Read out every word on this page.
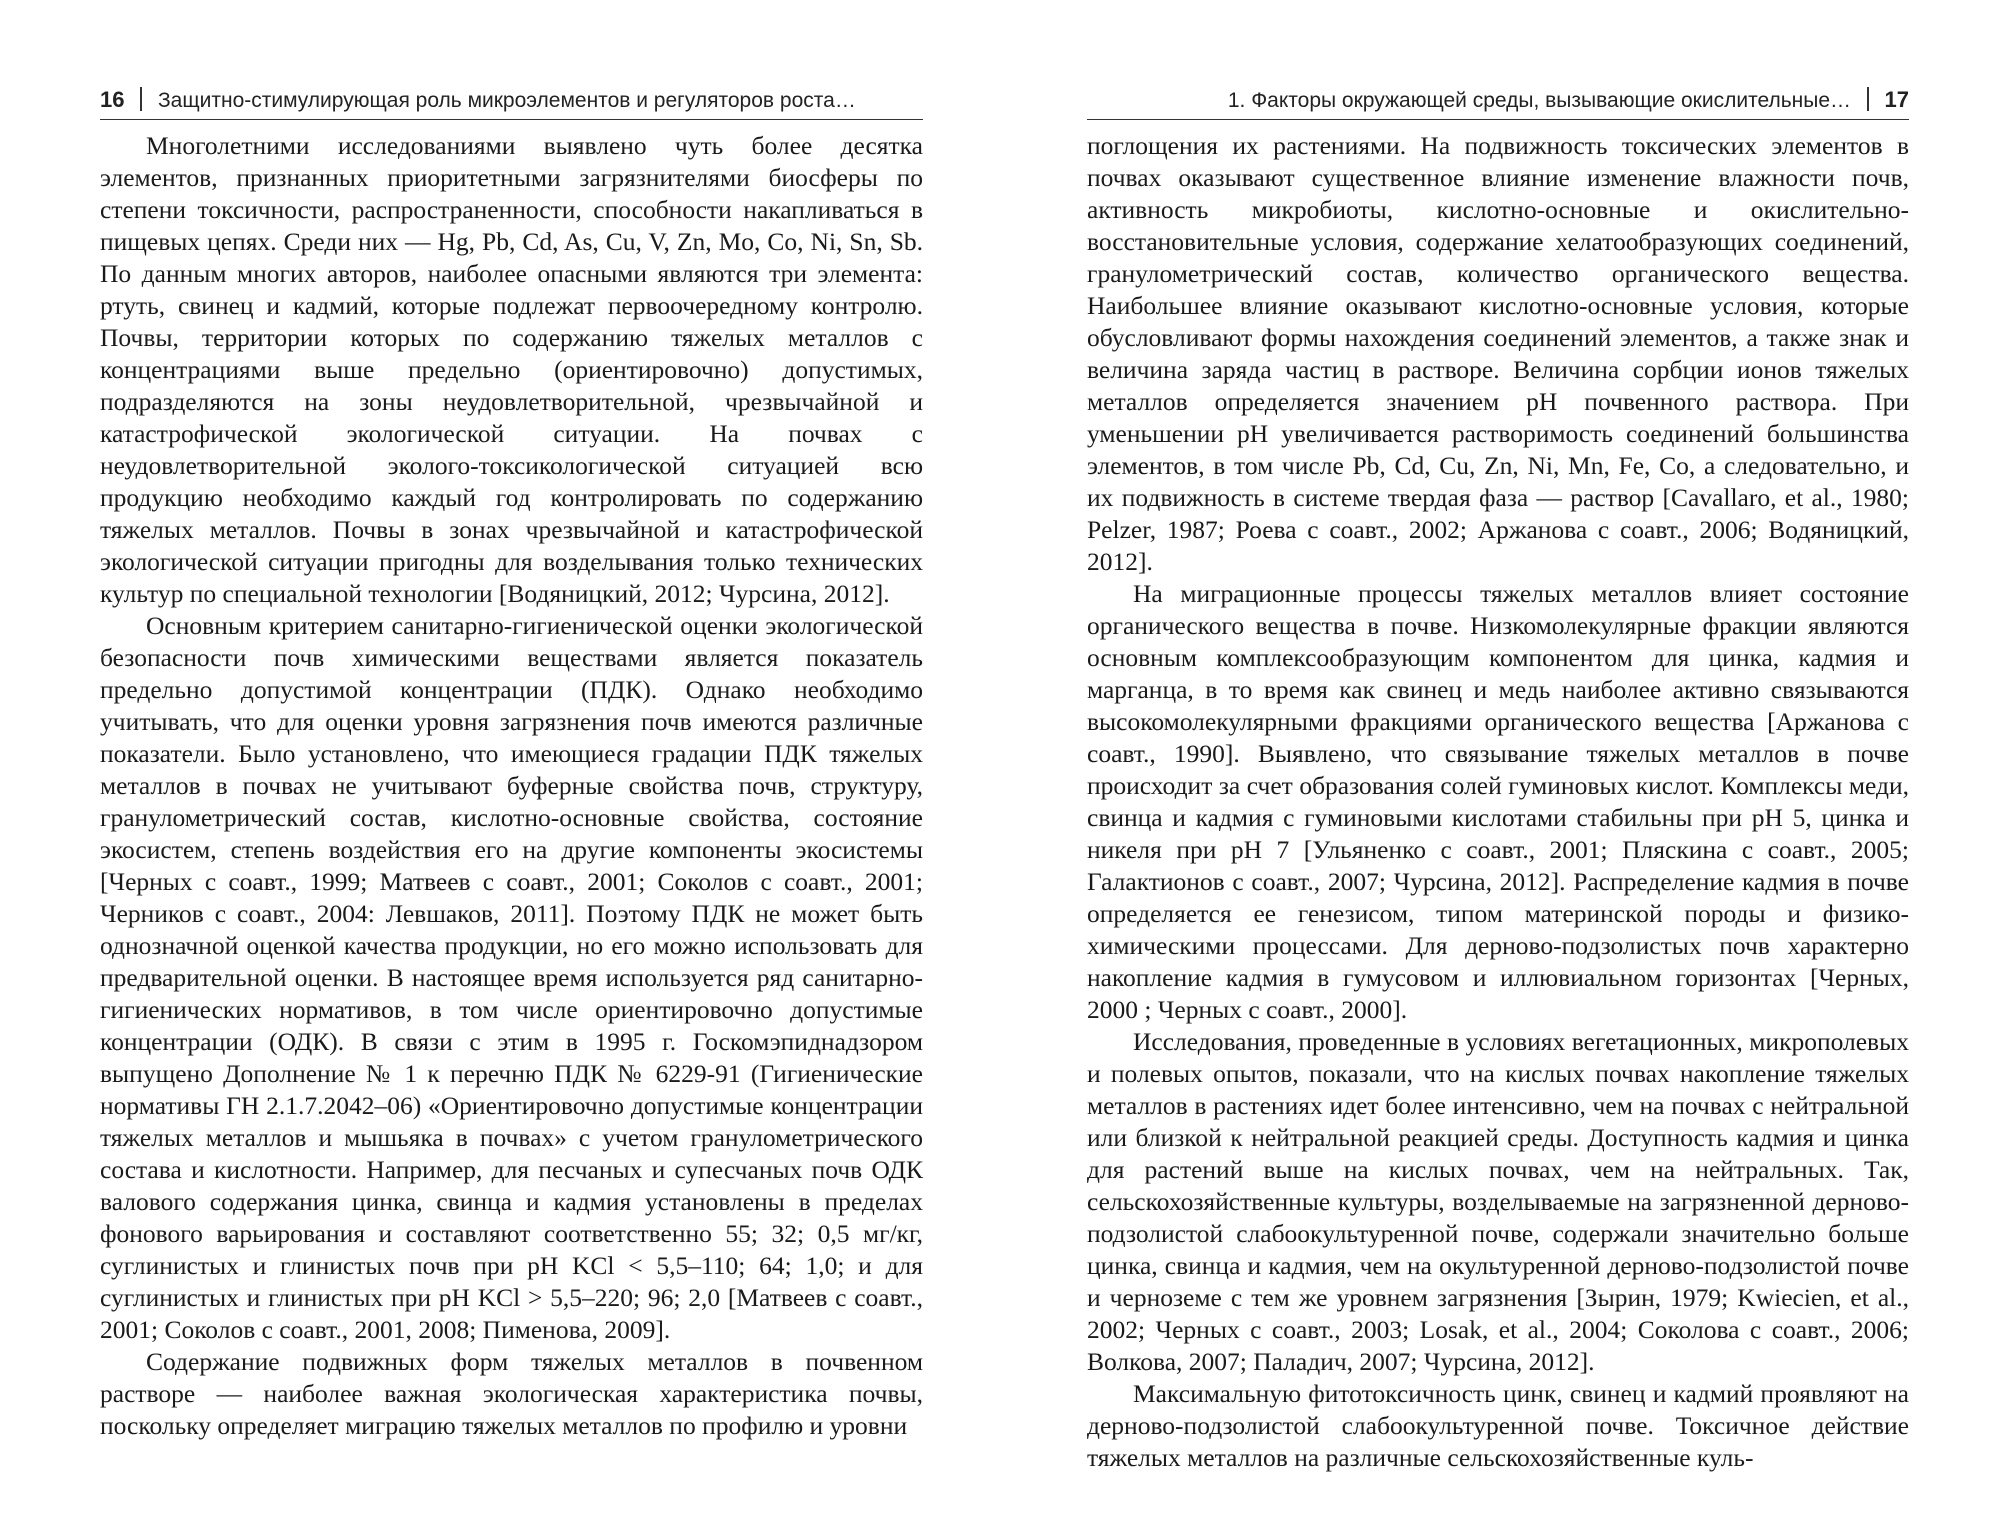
16 Защитно-стимулирующая роль микроэлементов и регуляторов роста…

Многолетними исследованиями выявлено чуть более десятка элементов, признанных приоритетными загрязнителями биосферы по степени токсичности, распространенности, способности накапливаться в пищевых цепях. Среди них — Hg, Pb, Cd, As, Cu, V, Zn, Mo, Co, Ni, Sn, Sb. По данным многих авторов, наиболее опасными являются три элемента: ртуть, свинец и кадмий, которые подлежат первоочередному контролю. Почвы, территории которых по содержанию тяжелых металлов с концентрациями выше предельно (ориентировочно) допустимых, подразделяются на зоны неудовлетворительной, чрезвычайной и катастрофической экологической ситуации. На почвах с неудовлетворительной эколого-токсикологической ситуацией всю продукцию необходимо каждый год контролировать по содержанию тяжелых металлов. Почвы в зонах чрезвычайной и катастрофической экологической ситуации пригодны для возделывания только технических культур по специальной технологии [Водяницкий, 2012; Чурсина, 2012].

Основным критерием санитарно-гигиенической оценки экологической безопасности почв химическими веществами является показатель предельно допустимой концентрации (ПДК). Однако необходимо учитывать, что для оценки уровня загрязнения почв имеются различные показатели. Было установлено, что имеющиеся градации ПДК тяжелых металлов в почвах не учитывают буферные свойства почв, структуру, гранулометрический состав, кислотно-основные свойства, состояние экосистем, степень воздействия его на другие компоненты экосистемы [Черных с соавт., 1999; Матвеев с соавт., 2001; Соколов с соавт., 2001; Черников с соавт., 2004: Левшаков, 2011]. Поэтому ПДК не может быть однозначной оценкой качества продукции, но его можно использовать для предварительной оценки. В настоящее время используется ряд санитарно-гигиенических нормативов, в том числе ориентировочно допустимые концентрации (ОДК). В связи с этим в 1995 г. Госкомэпиднадзором выпущено Дополнение № 1 к перечню ПДК № 6229-91 (Гигиенические нормативы ГН 2.1.7.2042–06) «Ориентировочно допустимые концентрации тяжелых металлов и мышьяка в почвах» с учетом гранулометрического состава и кислотности. Например, для песчаных и супесчаных почв ОДК валового содержания цинка, свинца и кадмия установлены в пределах фонового варьирования и составляют соответственно 55; 32; 0,5 мг/кг, суглинистых и глинистых почв при pH KCl < 5,5–110; 64; 1,0; и для суглинистых и глинистых при pH KCl > 5,5–220; 96; 2,0 [Матвеев с соавт., 2001; Соколов с соавт., 2001, 2008; Пименова, 2009].

Содержание подвижных форм тяжелых металлов в почвенном растворе — наиболее важная экологическая характеристика почвы, поскольку определяет миграцию тяжелых металлов по профилю и уровни

1. Факторы окружающей среды, вызывающие окислительные… 17

поглощения их растениями. На подвижность токсических элементов в почвах оказывают существенное влияние изменение влажности почв, активность микробиоты, кислотно-основные и окислительно-восстановительные условия, содержание хелатообразующих соединений, гранулометрический состав, количество органического вещества. Наибольшее влияние оказывают кислотно-основные условия, которые обусловливают формы нахождения соединений элементов, а также знак и величина заряда частиц в растворе. Величина сорбции ионов тяжелых металлов определяется значением pH почвенного раствора. При уменьшении pH увеличивается растворимость соединений большинства элементов, в том числе Pb, Cd, Cu, Zn, Ni, Mn, Fe, Co, а следовательно, и их подвижность в системе твердая фаза — раствор [Cavallaro, et al., 1980; Pelzer, 1987; Роева с соавт., 2002; Аржанова с соавт., 2006; Водяницкий, 2012].

На миграционные процессы тяжелых металлов влияет состояние органического вещества в почве. Низкомолекулярные фракции являются основным комплексообразующим компонентом для цинка, кадмия и марганца, в то время как свинец и медь наиболее активно связываются высокомолекулярными фракциями органического вещества [Аржанова с соавт., 1990]. Выявлено, что связывание тяжелых металлов в почве происходит за счет образования солей гуминовых кислот. Комплексы меди, свинца и кадмия с гуминовыми кислотами стабильны при pH 5, цинка и никеля при pH 7 [Ульяненко с соавт., 2001; Пляскина с соавт., 2005; Галактионов с соавт., 2007; Чурсина, 2012]. Распределение кадмия в почве определяется ее генезисом, типом материнской породы и физико-химическими процессами. Для дерново-подзолистых почв характерно накопление кадмия в гумусовом и иллювиальном горизонтах [Черных, 2000 ; Черных с соавт., 2000].

Исследования, проведенные в условиях вегетационных, микрополевых и полевых опытов, показали, что на кислых почвах накопление тяжелых металлов в растениях идет более интенсивно, чем на почвах с нейтральной или близкой к нейтральной реакцией среды. Доступность кадмия и цинка для растений выше на кислых почвах, чем на нейтральных. Так, сельскохозяйственные культуры, возделываемые на загрязненной дерново-подзолистой слабоокультуренной почве, содержали значительно больше цинка, свинца и кадмия, чем на окультуренной дерново-подзолистой почве и черноземе с тем же уровнем загрязнения [Зырин, 1979; Kwiecien, et al., 2002; Черных с соавт., 2003; Losak, et al., 2004; Соколова с соавт., 2006; Волкова, 2007; Паладич, 2007; Чурсина, 2012].

Максимальную фитотоксичность цинк, свинец и кадмий проявляют на дерново-подзолистой слабоокультуренной почве. Токсичное действие тяжелых металлов на различные сельскохозяйственные куль-
